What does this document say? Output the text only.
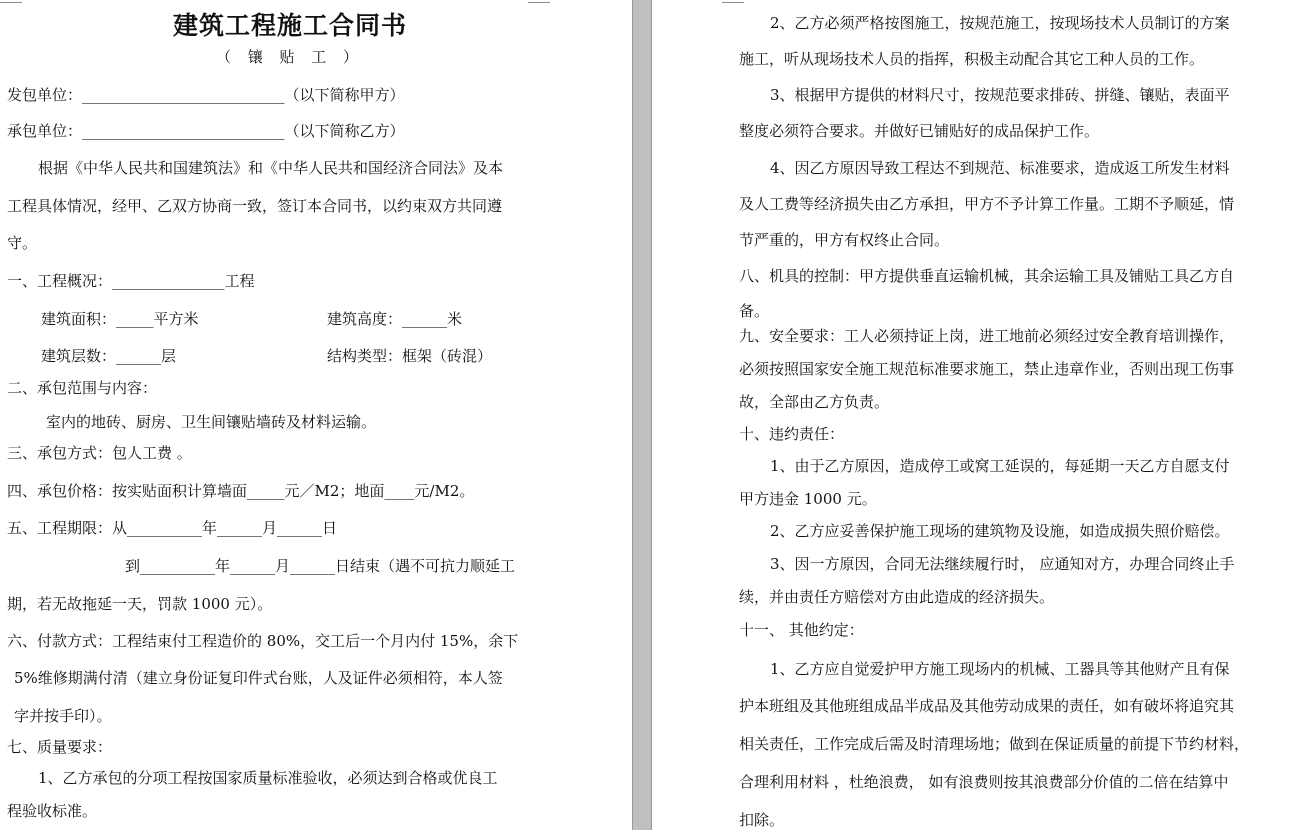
建筑工程施工合同书
（ 镶 贴 工 ）
发包单位：___________________________（以下简称甲方）
承包单位：___________________________（以下简称乙方）
根据《中华人民共和国建筑法》和《中华人民共和国经济合同法》及本
工程具体情况，经甲、乙双方协商一致，签订本合同书，以约束双方共同遵
守。
一、工程概况：_______________工程
建筑面积：_____平方米	建筑高度：______米
建筑层数：______层	结构类型：框架（砖混）
二、承包范围与内容：
室内的地砖、厨房、卫生间镶贴墙砖及材料运输。
三、承包方式：包人工费 。
四、承包价格：按实贴面积计算墙面_____元／M2；地面____元/M2。
五、工程期限：从__________年______月______日
到__________年______月______日结束（遇不可抗力顺延工
期，若无故拖延一天，罚款 1000 元）。
六、付款方式：工程结束付工程造价的 80%，交工后一个月内付 15%，余下
5%维修期满付清（建立身份证复印件式台账，人及证件必须相符，本人签
字并按手印）。
七、质量要求：
1、乙方承包的分项工程按国家质量标准验收，必须达到合格或优良工
程验收标准。
2、乙方必须严格按图施工，按规范施工，按现场技术人员制订的方案
施工，听从现场技术人员的指挥，积极主动配合其它工种人员的工作。
3、根据甲方提供的材料尺寸，按规范要求排砖、拼缝、镶贴，表面平
整度必须符合要求。并做好已铺贴好的成品保护工作。
4、因乙方原因导致工程达不到规范、标准要求，造成返工所发生材料
及人工费等经济损失由乙方承担，甲方不予计算工作量。工期不予顺延，情
节严重的，甲方有权终止合同。
八、机具的控制：甲方提供垂直运输机械，其余运输工具及铺贴工具乙方自
备。
九、安全要求：工人必须持证上岗，进工地前必须经过安全教育培训操作，
必须按照国家安全施工规范标准要求施工，禁止违章作业，否则出现工伤事
故，全部由乙方负责。
十、违约责任：
1、由于乙方原因，造成停工或窝工延误的，每延期一天乙方自愿支付
甲方违金 1000 元。
2、乙方应妥善保护施工现场的建筑物及设施，如造成损失照价赔偿。
3、因一方原因，合同无法继续履行时， 应通知对方，办理合同终止手
续，并由责任方赔偿对方由此造成的经济损失。
十一、 其他约定：
1、乙方应自觉爱护甲方施工现场内的机械、工器具等其他财产且有保
护本班组及其他班组成品半成品及其他劳动成果的责任，如有破坏将追究其
相关责任，工作完成后需及时清理场地；做到在保证质量的前提下节约材料，
合理利用材料 ，杜绝浪费， 如有浪费则按其浪费部分价值的二倍在结算中
扣除。
